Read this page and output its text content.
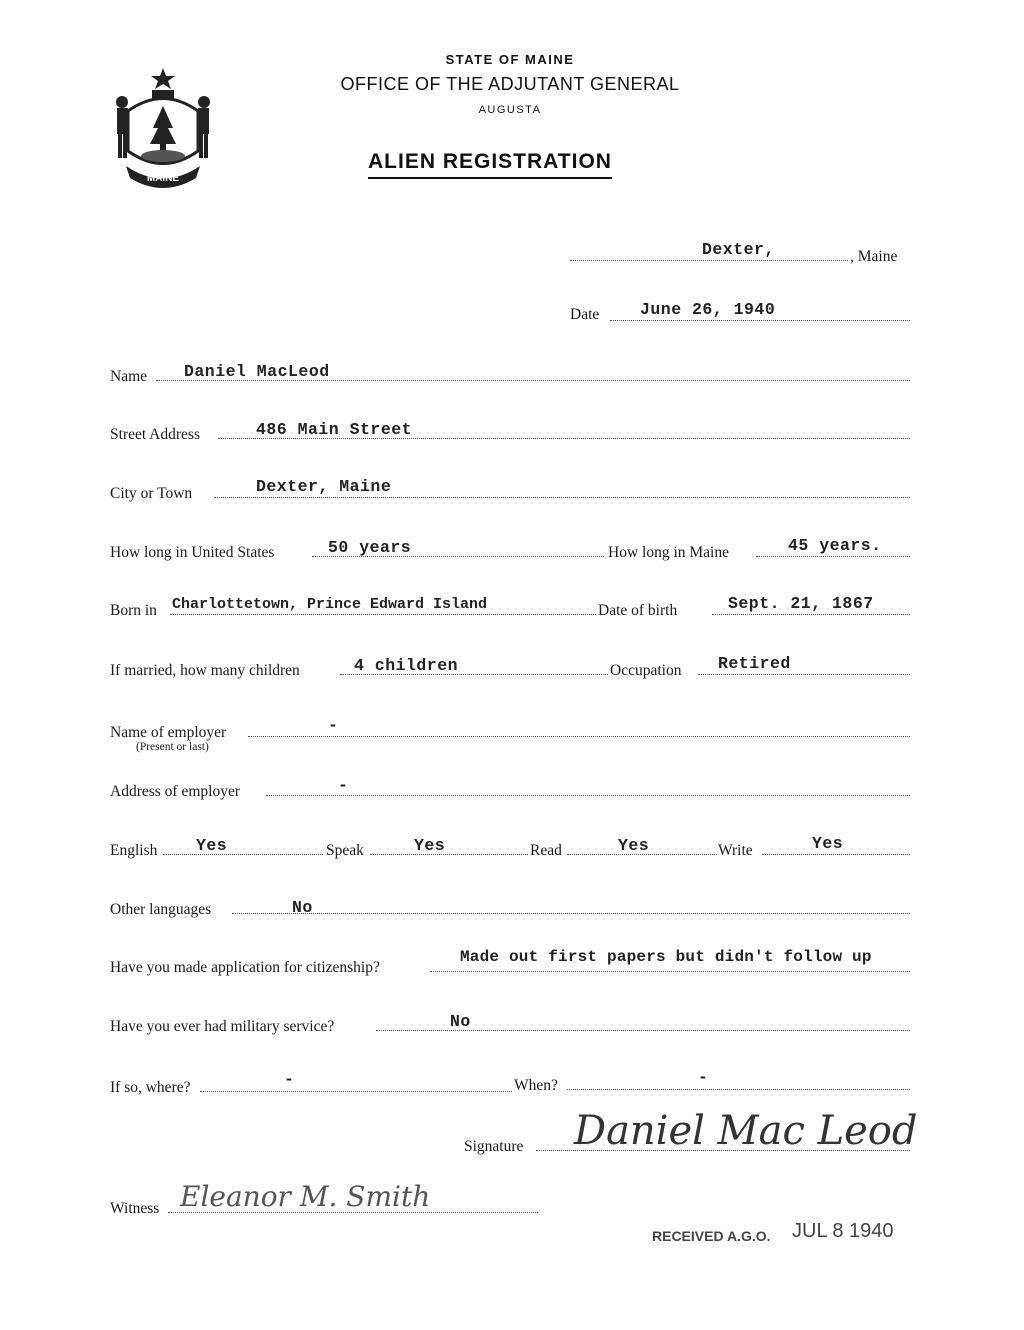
MAINE
STATE OF MAINE
OFFICE OF THE ADJUTANT GENERAL
AUGUSTA
ALIEN REGISTRATION
Dexter,	, Maine
Date June 26, 1940
Name Daniel MacLeod
Street Address	486 Main Street
City or Town	Dexter, Maine
How long in United States	50 years	How long in Maine	45 years.
Born in Charlottetown, Prince Edward Island	Date of birth	Sept. 21, 1867
If married, how many children	4 children	Occupation Retired
Name of employer
(Present or last)
-
Address of employer	-
English Yes	Speak	Yes	Read	Yes	Write	Yes
Other languages	No
Have you made application for citizenship?
Made out first papers but didn't follow up
Have you ever had military service?	No
If so, where?	-	When?	-
Signature Daniel Mac Leod
Witness Eleanor M. Smith
RECEIVED A.G.O. JUL 8 1940
